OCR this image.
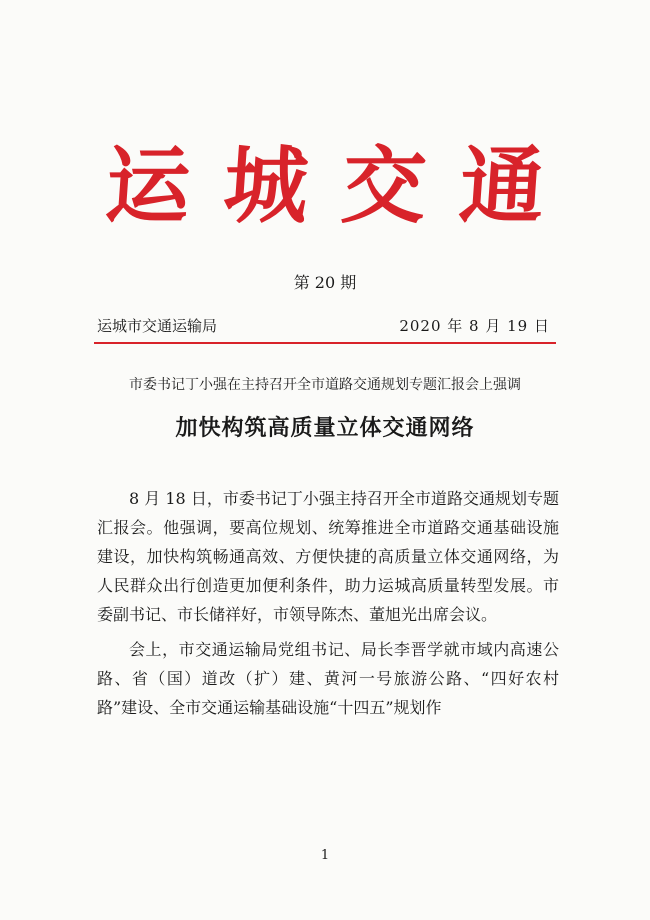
运城交通
第 20 期
运城市交通运输局	2020 年 8 月 19 日
市委书记丁小强在主持召开全市道路交通规划专题汇报会上强调
加快构筑高质量立体交通网络

8 月 18 日，市委书记丁小强主持召开全市道路交通规划专题汇报会。他强调，要高位规划、统筹推进全市道路交通基础设施建设，加快构筑畅通高效、方便快捷的高质量立体交通网络，为人民群众出行创造更加便利条件，助力运城高质量转型发展。市委副书记、市长储祥好，市领导陈杰、董旭光出席会议。

会上，市交通运输局党组书记、局长李晋学就市域内高速公路、省（国）道改（扩）建、黄河一号旅游公路、“四好农村路”建设、全市交通运输基础设施“十四五”规划作

1
